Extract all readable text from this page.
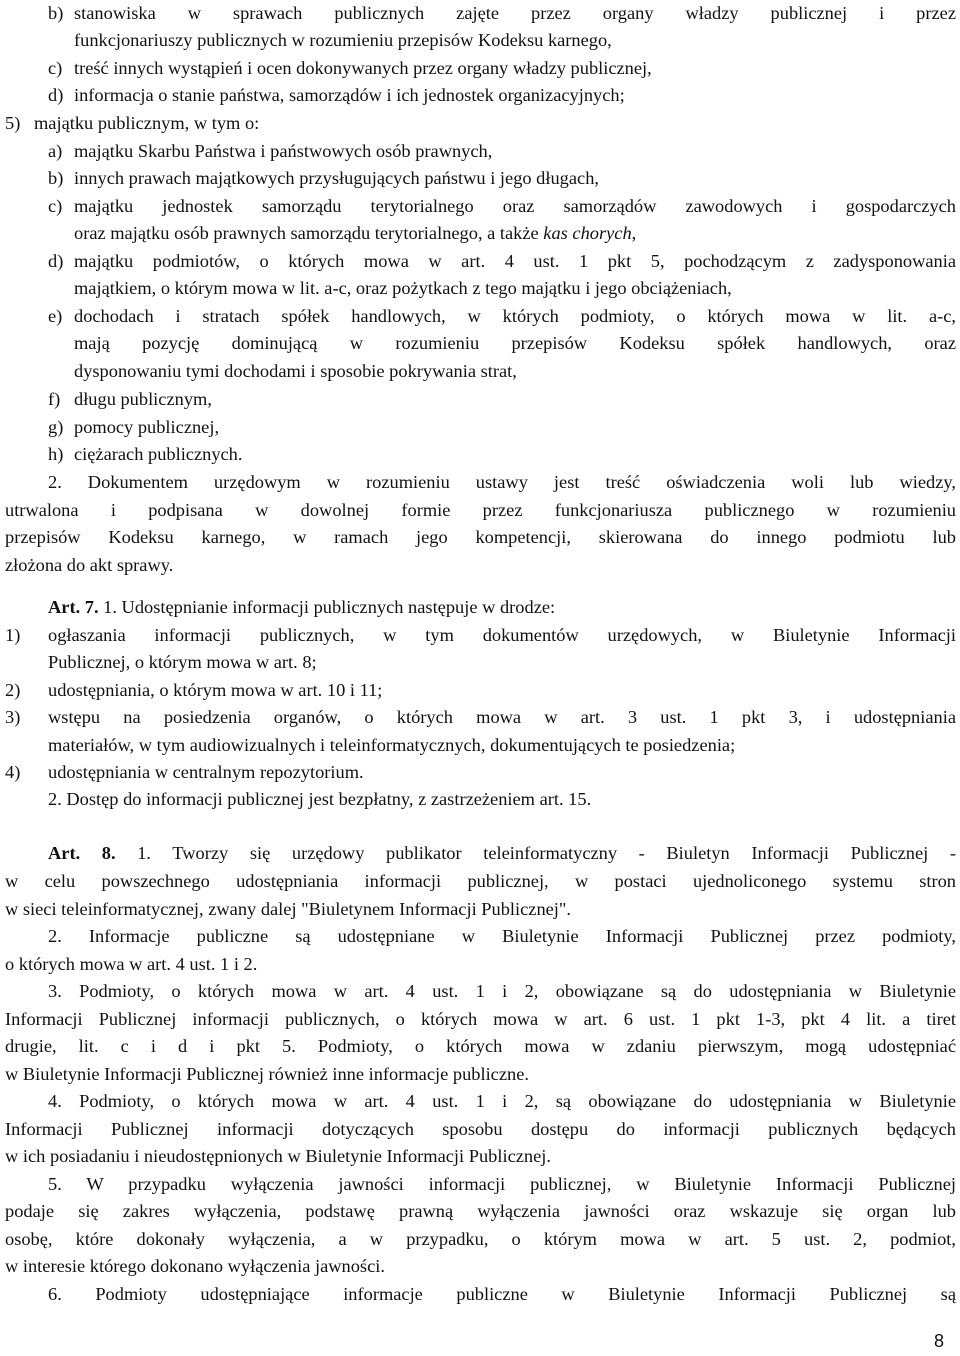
b) stanowiska w sprawach publicznych zajęte przez organy władzy publicznej i przez
funkcjonariuszy publicznych w rozumieniu przepisów Kodeksu karnego,
c) treść innych wystąpień i ocen dokonywanych przez organy władzy publicznej,
d) informacja o stanie państwa, samorządów i ich jednostek organizacyjnych;
5) majątku publicznym, w tym o:
a) majątku Skarbu Państwa i państwowych osób prawnych,
b) innych prawach majątkowych przysługujących państwu i jego długach,
c) majątku jednostek samorządu terytorialnego oraz samorządów zawodowych i gospodarczych
oraz majątku osób prawnych samorządu terytorialnego, a także kas chorych,
d) majątku podmiotów, o których mowa w art. 4 ust. 1 pkt 5, pochodzącym z zadysponowania
majątkiem, o którym mowa w lit. a-c, oraz pożytkach z tego majątku i jego obciążeniach,
e) dochodach i stratach spółek handlowych, w których podmioty, o których mowa w lit. a-c,
mają pozycję dominującą w rozumieniu przepisów Kodeksu spółek handlowych, oraz
dysponowaniu tymi dochodami i sposobie pokrywania strat,
f) długu publicznym,
g) pomocy publicznej,
h) ciężarach publicznych.
2. Dokumentem urzędowym w rozumieniu ustawy jest treść oświadczenia woli lub wiedzy,
utrwalona i podpisana w dowolnej formie przez funkcjonariusza publicznego w rozumieniu
przepisów Kodeksu karnego, w ramach jego kompetencji, skierowana do innego podmiotu lub
złożona do akt sprawy.
Art. 7. 1. Udostępnianie informacji publicznych następuje w drodze:
1) ogłaszania informacji publicznych, w tym dokumentów urzędowych, w Biuletynie Informacji
Publicznej, o którym mowa w art. 8;
2) udostępniania, o którym mowa w art. 10 i 11;
3) wstępu na posiedzenia organów, o których mowa w art. 3 ust. 1 pkt 3, i udostępniania
materiałów, w tym audiowizualnych i teleinformatycznych, dokumentujących te posiedzenia;
4) udostępniania w centralnym repozytorium.
2. Dostęp do informacji publicznej jest bezpłatny, z zastrzeżeniem art. 15.
Art. 8. 1. Tworzy się urzędowy publikator teleinformatyczny - Biuletyn Informacji Publicznej -
w celu powszechnego udostępniania informacji publicznej, w postaci ujednoliconego systemu stron
w sieci teleinformatycznej, zwany dalej "Biuletynem Informacji Publicznej".
2. Informacje publiczne są udostępniane w Biuletynie Informacji Publicznej przez podmioty,
o których mowa w art. 4 ust. 1 i 2.
3. Podmioty, o których mowa w art. 4 ust. 1 i 2, obowiązane są do udostępniania w Biuletynie
Informacji Publicznej informacji publicznych, o których mowa w art. 6 ust. 1 pkt 1-3, pkt 4 lit. a tiret
drugie, lit. c i d i pkt 5. Podmioty, o których mowa w zdaniu pierwszym, mogą udostępniać
w Biuletynie Informacji Publicznej również inne informacje publiczne.
4. Podmioty, o których mowa w art. 4 ust. 1 i 2, są obowiązane do udostępniania w Biuletynie
Informacji Publicznej informacji dotyczących sposobu dostępu do informacji publicznych będących
w ich posiadaniu i nieudostępnionych w Biuletynie Informacji Publicznej.
5. W przypadku wyłączenia jawności informacji publicznej, w Biuletynie Informacji Publicznej
podaje się zakres wyłączenia, podstawę prawną wyłączenia jawności oraz wskazuje się organ lub
osobę, które dokonały wyłączenia, a w przypadku, o którym mowa w art. 5 ust. 2, podmiot,
w interesie którego dokonano wyłączenia jawności.
6. Podmioty udostępniające informacje publiczne w Biuletynie Informacji Publicznej są
8
